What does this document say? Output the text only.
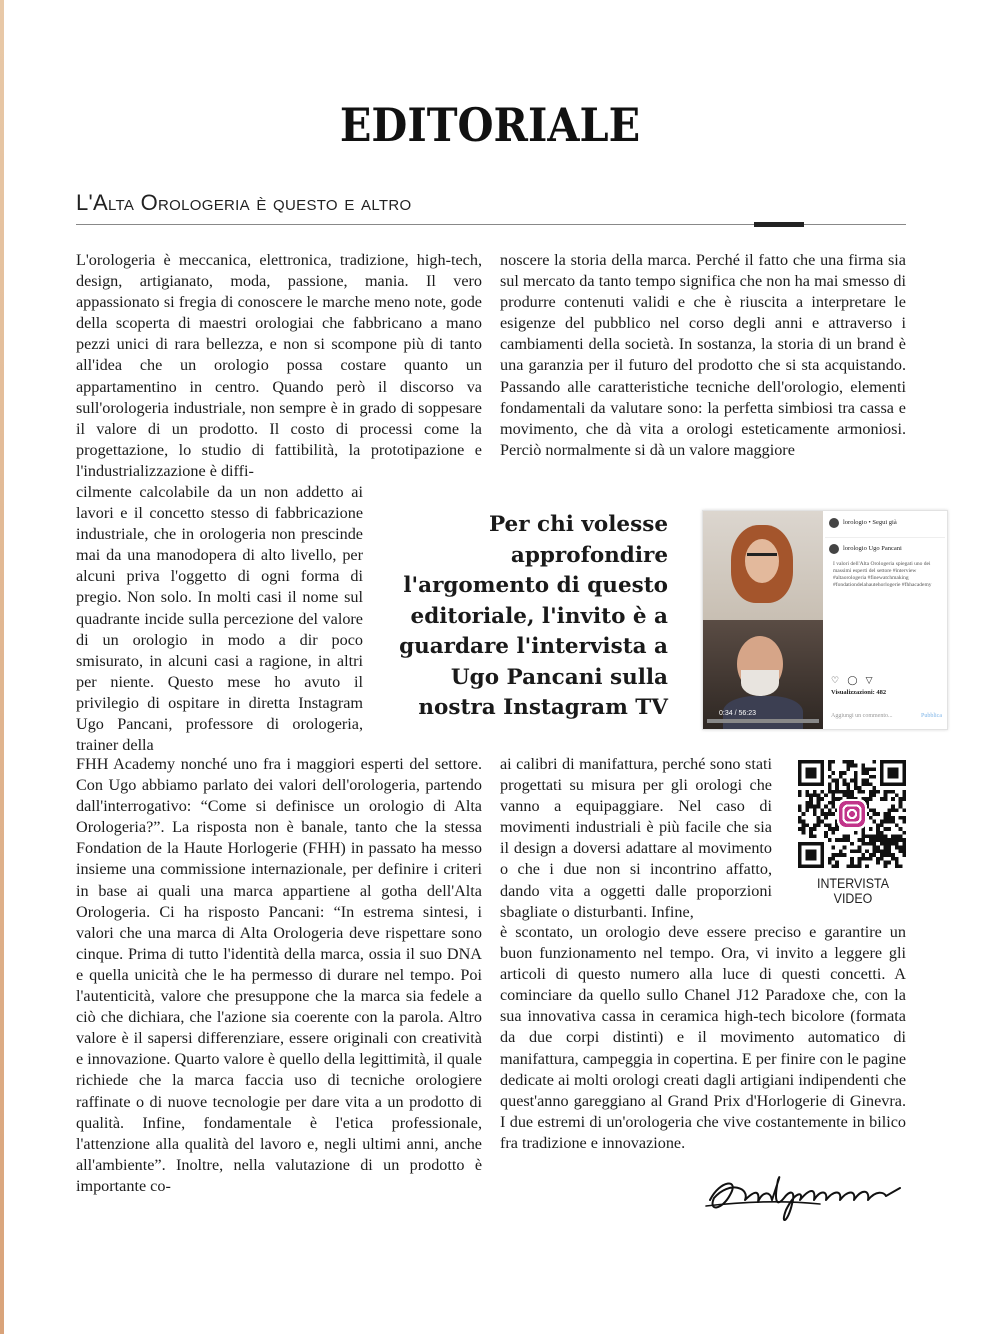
EDITORIALE
L'Alta Orologeria è questo e altro

L'orologeria è meccanica, elettronica, tradizione, high-tech, design, artigianato, moda, passione, mania. Il vero appassionato si fregia di conoscere le marche meno note, gode della scoperta di maestri orologiai che fabbricano a mano pezzi unici di rara bellezza, e non si scompone più di tanto all'idea che un orologio possa costare quanto un appartamentino in centro. Quando però il discorso va sull'orologeria industriale, non sempre è in grado di soppesare il valore di un prodotto. Il costo di processi come la progettazione, lo studio di fattibilità, la prototipazione e l'industrializzazione è diffi-

cilmente calcolabile da un non addetto ai lavori e il concetto stesso di fabbricazione industriale, che in orologeria non prescinde mai da una manodopera di alto livello, per alcuni priva l'oggetto di ogni forma di pregio. Non solo. In molti casi il nome sul quadrante incide sulla percezione del valore di un orologio in modo a dir poco smisurato, in alcuni casi a ragione, in altri per niente. Questo mese ho avuto il privilegio di ospitare in diretta Instagram Ugo Pancani, professore di orologeria, trainer della

FHH Academy nonché uno fra i maggiori esperti del settore. Con Ugo abbiamo parlato dei valori dell'orologeria, partendo dall'interrogativo: “Come si definisce un orologio di Alta Orologeria?”. La risposta non è banale, tanto che la stessa Fondation de la Haute Horlogerie (FHH) in passato ha messo insieme una commissione internazionale, per definire i criteri in base ai quali una marca appartiene al gotha dell'Alta Orologeria. Ci ha risposto Pancani: “In estrema sintesi, i valori che una marca di Alta Orologeria deve rispettare sono cinque. Prima di tutto l'identità della marca, ossia il suo DNA e quella unicità che le ha permesso di durare nel tempo. Poi l'autenticità, valore che presuppone che la marca sia fedele a ciò che dichiara, che l'azione sia coerente con la parola. Altro valore è il sapersi differenziare, essere originali con creatività e innovazione. Quarto valore è quello della legittimità, il quale richiede che la marca faccia uso di tecniche orologiere raffinate o di nuove tecnologie per dare vita a un prodotto di qualità. Infine, fondamentale è l'etica professionale, l'attenzione alla qualità del lavoro e, negli ultimi anni, anche all'ambiente”. Inoltre, nella valutazione di un prodotto è importante co-

noscere la storia della marca. Perché il fatto che una firma sia sul mercato da tanto tempo significa che non ha mai smesso di produrre contenuti validi e che è riuscita a interpretare le esigenze del pubblico nel corso degli anni e attraverso i cambiamenti della società. In sostanza, la storia di un brand è una garanzia per il futuro del prodotto che si sta acquistando. Passando alle caratteristiche tecniche dell'orologio, elementi fondamentali da valutare sono: la perfetta simbiosi tra cassa e movimento, che dà vita a orologi esteticamente armoniosi. Perciò normalmente si dà un valore maggiore

ai calibri di manifattura, perché sono stati progettati su misura per gli orologi che vanno a equipaggiare. Nel caso di movimenti industriali è più facile che sia il design a doversi adattare al movimento o che i due non si incontrino affatto, dando vita a oggetti dalle proporzioni sbagliate o disturbanti. Infine,

è scontato, un orologio deve essere preciso e garantire un buon funzionamento nel tempo. Ora, vi invito a leggere gli articoli di questo numero alla luce di questi concetti. A cominciare da quello sullo Chanel J12 Paradoxe che, con la sua innovativa cassa in ceramica high-tech bicolore (formata da due corpi distinti) e il movimento automatico di manifattura, campeggia in copertina. E per finire con le pagine dedicate ai molti orologi creati dagli artigiani indipendenti che quest'anno gareggiano al Grand Prix d'Horlogerie di Ginevra. I due estremi di un'orologeria che vive costantemente in bilico fra tradizione e innovazione.

Per chi volesse approfondire l'argomento di questo editoriale, l'invito è a guardare l'intervista a Ugo Pancani sulla nostra Instagram TV	0:34 / 56:23
lorologio • Segui già
lorologio Ugo Pancani
I valori dell'Alta Orologeria spiegati uno dei massimi esperti del settore #interview #altaorologeria #finewatchmaking #fondationdelahautehorlogerie #fhhacademy
♡ ◯ ▽
Visualizzazioni: 482
Aggiungi un commento...	Pubblica
INTERVISTA VIDEO
